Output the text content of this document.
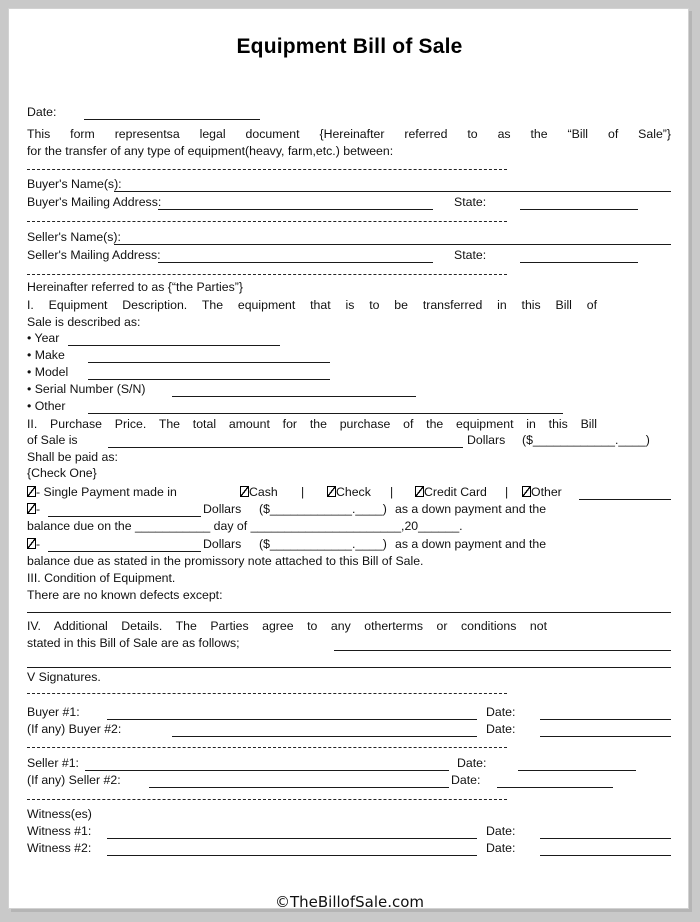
Equipment Bill of Sale
Date:
This form representsa legal document {Hereinafter referred to as the “Bill of Sale”}
for the transfer of any type of equipment(heavy, farm,etc.) between:
Buyer's Name(s):
Buyer's Mailing Address:	State:
Seller's Name(s):
Seller's Mailing Address:	State:
Hereinafter referred to as {“the Parties”}
I. Equipment Description. The equipment that is to be transferred in this Bill of
Sale is described as:
• Year
• Make
• Model
• Serial Number (S/N)
• Other
II. Purchase Price. The total amount for the purchase of the equipment in this Bill
of Sale is	Dollars ($____________.____)
Shall be paid as:
{Check One}
- Single Payment made in	Cash |	Check |	Credit Card |	Other
-	Dollars ($____________.____) as a down payment and the
balance due on the ___________ day of ______________________,20______.
-	Dollars ($____________.____) as a down payment and the
balance due as stated in the promissory note attached to this Bill of Sale.
III. Condition of Equipment.
There are no known defects except:
IV. Additional Details. The Parties agree to any otherterms or conditions not
stated in this Bill of Sale are as follows;
V Signatures.
Buyer #1:	Date:
(If any) Buyer #2:	Date:
Seller #1:	Date:
(If any) Seller #2:	Date:
Witness(es)
Witness #1:	Date:
Witness #2:	Date:
©TheBillofSale.com
